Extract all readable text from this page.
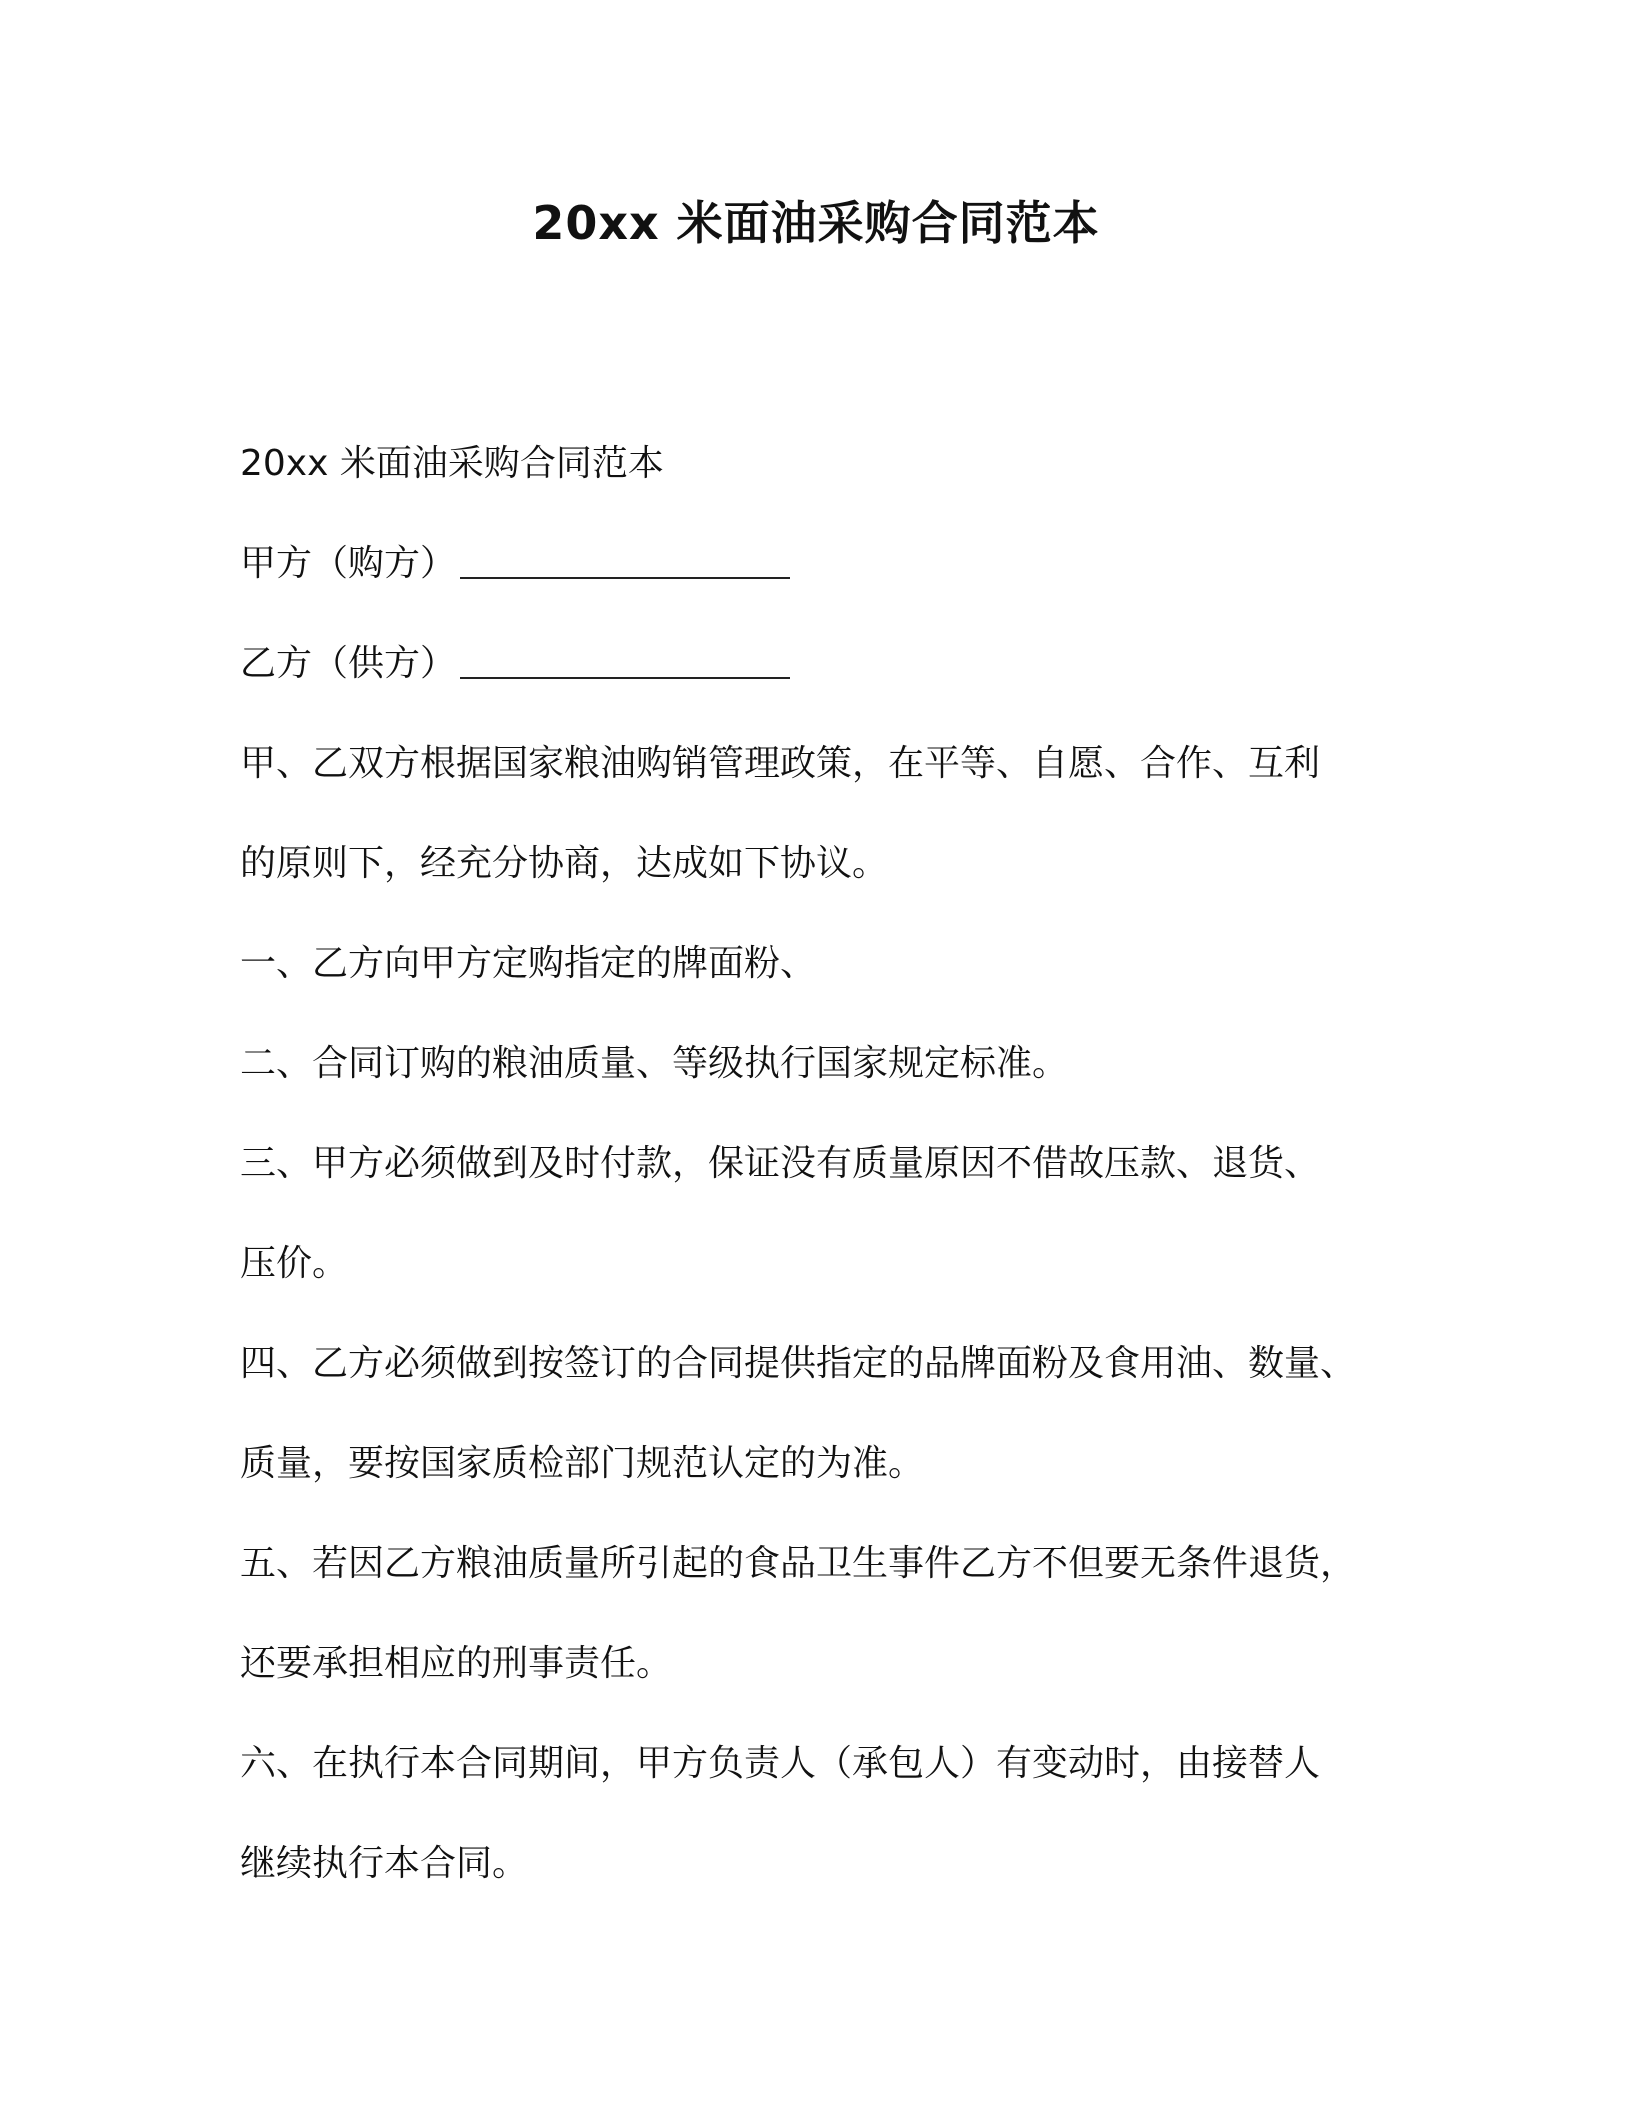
20xx 米面油采购合同范本

20xx 米面油采购合同范本

甲方（购方）

乙方（供方）

甲、乙双方根据国家粮油购销管理政策，在平等、自愿、合作、互利

的原则下，经充分协商，达成如下协议。

一、乙方向甲方定购指定的牌面粉、

二、合同订购的粮油质量、等级执行国家规定标准。

三、甲方必须做到及时付款，保证没有质量原因不借故压款、退货、

压价。

四、乙方必须做到按签订的合同提供指定的品牌面粉及食用油、数量、

质量，要按国家质检部门规范认定的为准。

五、若因乙方粮油质量所引起的食品卫生事件乙方不但要无条件退货，

还要承担相应的刑事责任。

六、在执行本合同期间，甲方负责人（承包人）有变动时，由接替人

继续执行本合同。
